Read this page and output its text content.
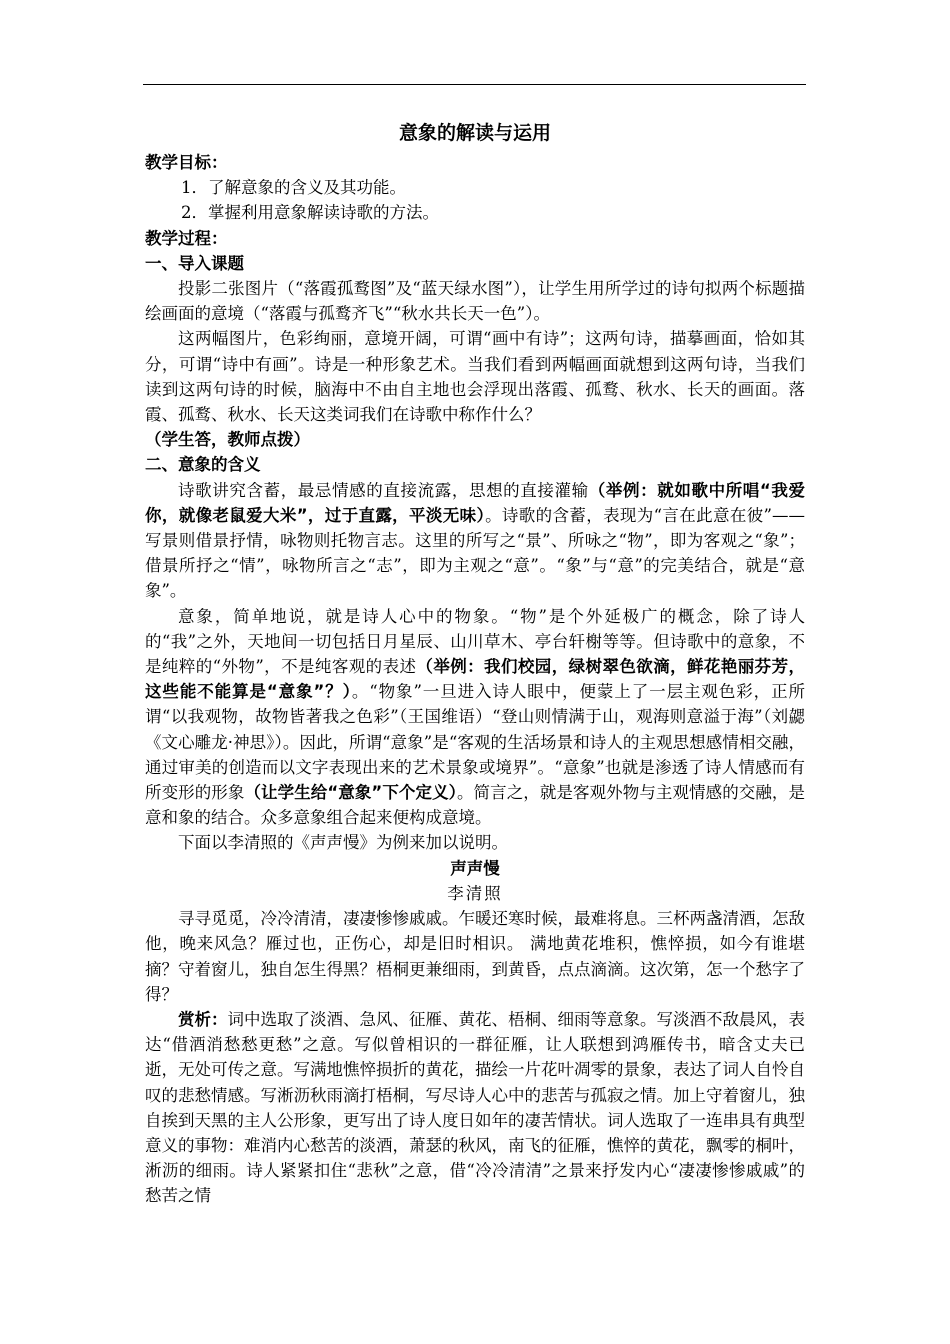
意象的解读与运用

教学目标：

1．了解意象的含义及其功能。

2．掌握利用意象解读诗歌的方法。

教学过程：

一、导入课题

投影二张图片（“落霞孤鹜图”及“蓝天绿水图”），让学生用所学过的诗句拟两个标题描绘画面的意境（“落霞与孤鹜齐飞”“秋水共长天一色”）。

这两幅图片，色彩绚丽，意境开阔，可谓“画中有诗”；这两句诗，描摹画面，恰如其分，可谓“诗中有画”。诗是一种形象艺术。当我们看到两幅画面就想到这两句诗，当我们读到这两句诗的时候，脑海中不由自主地也会浮现出落霞、孤鹜、秋水、长天的画面。落霞、孤鹜、秋水、长天这类词我们在诗歌中称作什么？
（学生答，教师点拨）

二、意象的含义

诗歌讲究含蓄，最忌情感的直接流露，思想的直接灌输（举例：就如歌中所唱“我爱你，就像老鼠爱大米”，过于直露，平淡无味）。诗歌的含蓄，表现为“言在此意在彼”——写景则借景抒情，咏物则托物言志。这里的所写之“景”、所咏之“物”，即为客观之“象”；借景所抒之“情”，咏物所言之“志”，即为主观之“意”。“象”与“意”的完美结合，就是“意象”。

意象，简单地说，就是诗人心中的物象。“物”是个外延极广的概念，除了诗人的“我”之外，天地间一切包括日月星辰、山川草木、亭台轩榭等等。但诗歌中的意象，不是纯粹的“外物”，不是纯客观的表述（举例：我们校园，绿树翠色欲滴，鲜花艳丽芬芳，这些能不能算是“意象”？）。“物象”一旦进入诗人眼中，便蒙上了一层主观色彩，正所谓“以我观物，故物皆著我之色彩”（王国维语）“登山则情满于山，观海则意溢于海”（刘勰《文心雕龙·神思》）。因此，所谓“意象”是“客观的生活场景和诗人的主观思想感情相交融，通过审美的创造而以文字表现出来的艺术景象或境界”。“意象”也就是渗透了诗人情感而有所变形的形象（让学生给“意象”下个定义）。简言之，就是客观外物与主观情感的交融，是意和象的结合。众多意象组合起来便构成意境。

下面以李清照的《声声慢》为例来加以说明。

声声慢

李清照

寻寻觅觅，冷冷清清，凄凄惨惨戚戚。乍暖还寒时候，最难将息。三杯两盏清酒，怎敌他，晚来风急？雁过也，正伤心，却是旧时相识。 满地黄花堆积，憔悴损，如今有谁堪摘？守着窗儿，独自怎生得黑？梧桐更兼细雨，到黄昏，点点滴滴。这次第，怎一个愁字了得？

赏析：词中选取了淡酒、急风、征雁、黄花、梧桐、细雨等意象。写淡酒不敌晨风，表达“借酒消愁愁更愁”之意。写似曾相识的一群征雁，让人联想到鸿雁传书，暗含丈夫已逝，无处可传之意。写满地憔悴损折的黄花，描绘一片花叶凋零的景象，表达了词人自怜自叹的悲愁情感。写淅沥秋雨滴打梧桐，写尽诗人心中的悲苦与孤寂之情。加上守着窗儿，独自挨到天黑的主人公形象，更写出了诗人度日如年的凄苦情状。词人选取了一连串具有典型意义的事物：难消内心愁苦的淡酒，萧瑟的秋风，南飞的征雁，憔悴的黄花，飘零的桐叶，淅沥的细雨。诗人紧紧扣住“悲秋”之意，借“冷冷清清”之景来抒发内心“凄凄惨惨戚戚”的愁苦之情
